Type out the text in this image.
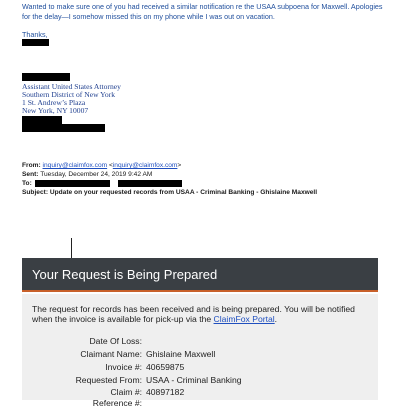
Wanted to make sure one of you had received a similar notification re the USAA subpoena for Maxwell. Apologies for the delay—I somehow missed this on my phone while I was out on vacation.
Thanks,
Assistant United States Attorney
Southern District of New York
1 St. Andrew’s Plaza
New York, NY 10007
From: inquiry@claimfox.com <inquiry@claimfox.com>
Sent: Tuesday, December 24, 2019 9:42 AM
To:
Subject: Update on your requested records from USAA - Criminal Banking - Ghislaine Maxwell
Your Request is Being Prepared
The request for records has been received and is being prepared. You will be notified when the invoice is available for pick-up via the ClaimFox Portal.
Date Of Loss:
Claimant Name: Ghislaine Maxwell
Invoice #: 40659875
Requested From: USAA - Criminal Banking
Claim #: 40897182
Reference #:
